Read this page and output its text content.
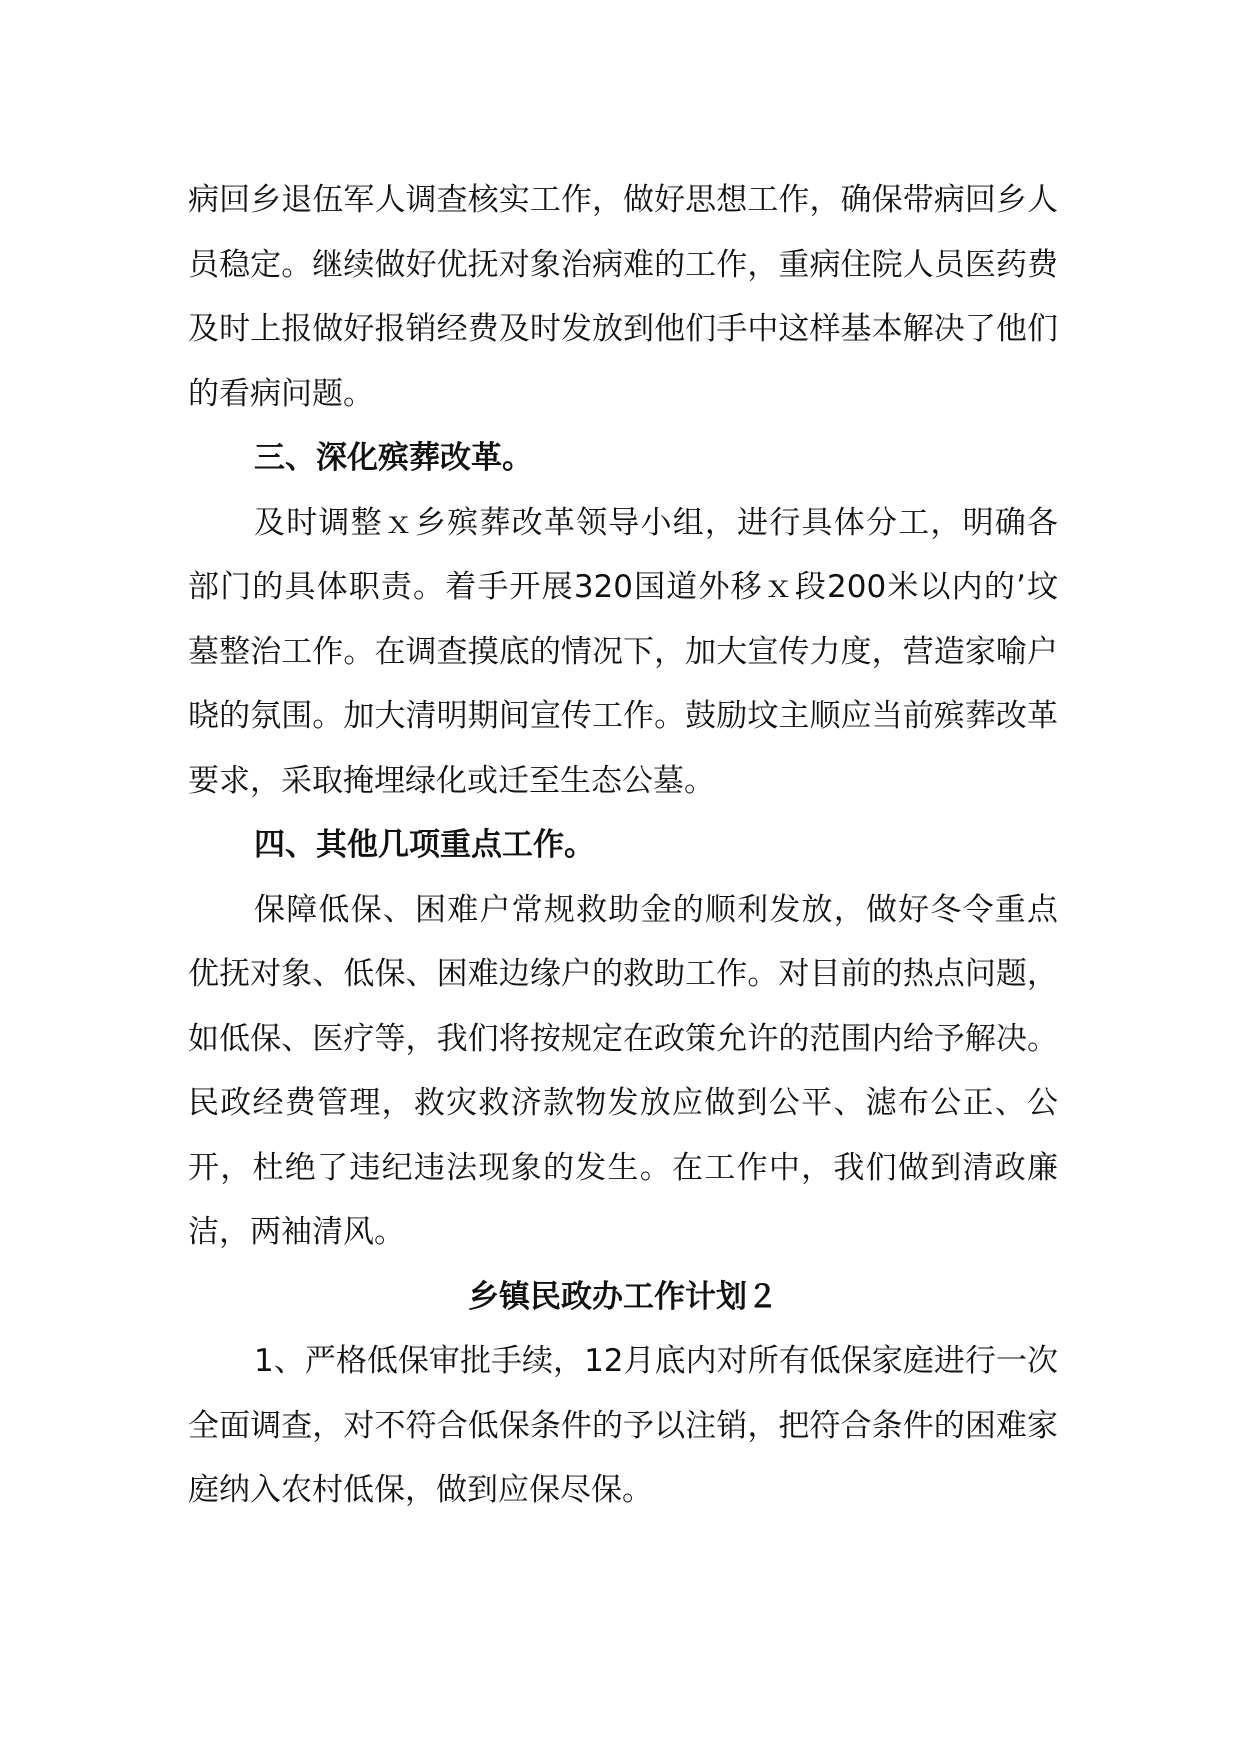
病回乡退伍军人调查核实工作，做好思想工作，确保带病回乡人员稳定。继续做好优抚对象治病难的工作，重病住院人员医药费及时上报做好报销经费及时发放到他们手中这样基本解决了他们的看病问题。

三、深化殡葬改革。

及时调整ｘ乡殡葬改革领导小组，进行具体分工，明确各部门的具体职责。着手开展320国道外移ｘ段200米以内的’坟墓整治工作。在调查摸底的情况下，加大宣传力度，营造家喻户晓的氛围。加大清明期间宣传工作。鼓励坟主顺应当前殡葬改革要求，采取掩埋绿化或迁至生态公墓。

四、其他几项重点工作。

保障低保、困难户常规救助金的顺利发放，做好冬令重点优抚对象、低保、困难边缘户的救助工作。对目前的热点问题，如低保、医疗等，我们将按规定在政策允许的范围内给予解决。民政经费管理，救灾救济款物发放应做到公平、滤布公正、公开，杜绝了违纪违法现象的发生。在工作中，我们做到清政廉洁，两袖清风。

乡镇民政办工作计划２

1、严格低保审批手续，12月底内对所有低保家庭进行一次全面调查，对不符合低保条件的予以注销，把符合条件的困难家庭纳入农村低保，做到应保尽保。
